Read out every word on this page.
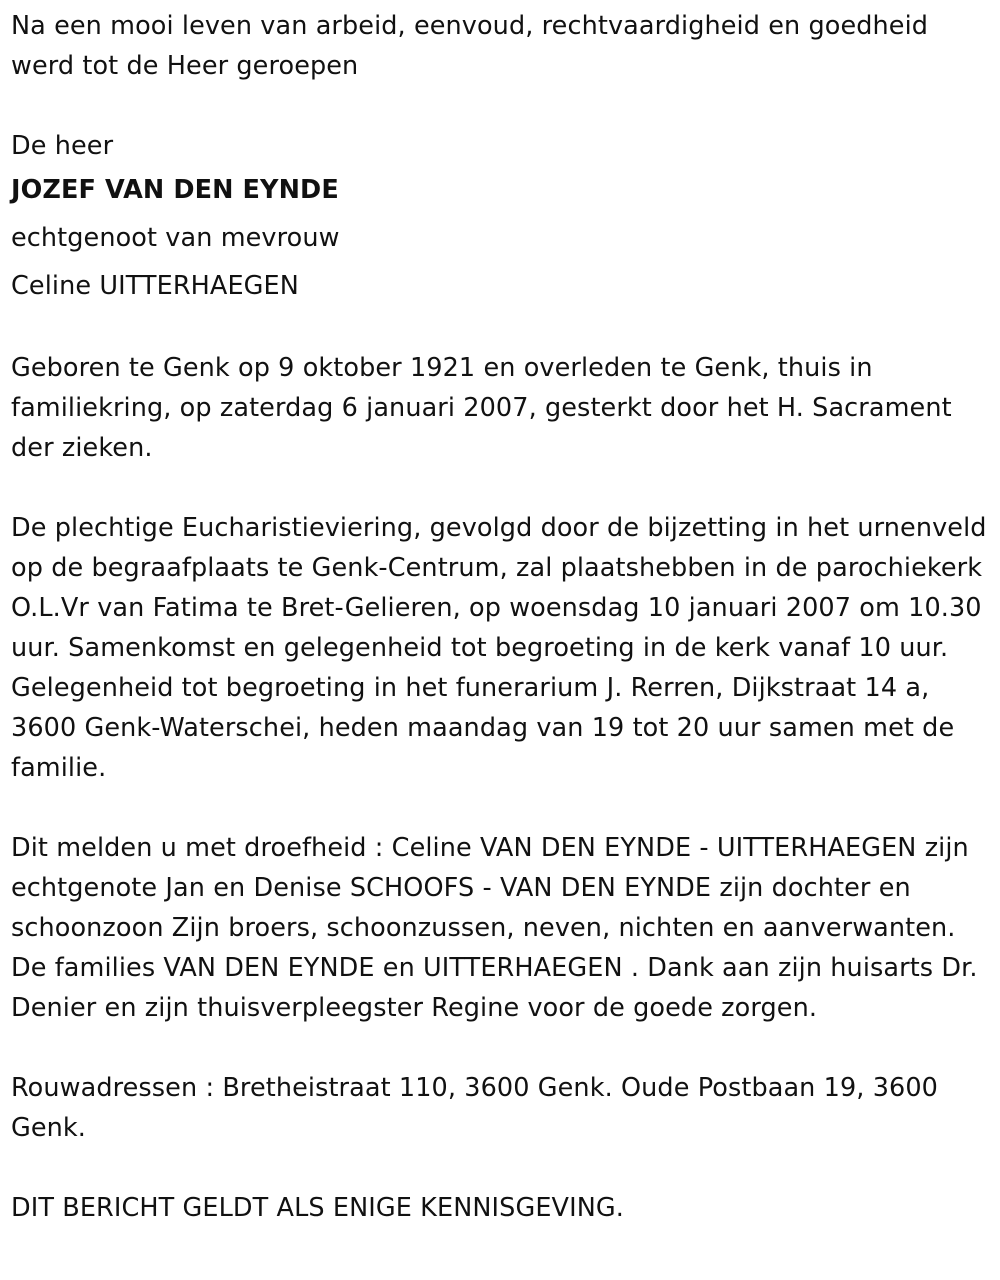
Na een mooi leven van arbeid, eenvoud, rechtvaardigheid en goedheid werd tot de Heer geroepen

De heer

JOZEF VAN DEN EYNDE

echtgenoot van mevrouw

Celine UITTERHAEGEN

Geboren te Genk op 9 oktober 1921 en overleden te Genk, thuis in familiekring, op zaterdag 6 januari 2007, gesterkt door het H. Sacrament der zieken.

De plechtige Eucharistieviering, gevolgd door de bijzetting in het urnenveld op de begraafplaats te Genk-Centrum, zal plaatshebben in de parochiekerk O.L.Vr van Fatima te Bret-Gelieren, op woensdag 10 januari 2007 om 10.30 uur. Samenkomst en gelegenheid tot begroeting in de kerk vanaf 10 uur. Gelegenheid tot begroeting in het funerarium J. Rerren, Dijkstraat 14 a, 3600 Genk-Waterschei, heden maandag van 19 tot 20 uur samen met de familie.

Dit melden u met droefheid : Celine VAN DEN EYNDE - UITTERHAEGEN zijn echtgenote Jan en Denise SCHOOFS - VAN DEN EYNDE zijn dochter en schoonzoon Zijn broers, schoonzussen, neven, nichten en aanverwanten. De families VAN DEN EYNDE en UITTERHAEGEN . Dank aan zijn huisarts Dr. Denier en zijn thuisverpleegster Regine voor de goede zorgen.

Rouwadressen : Bretheistraat 110, 3600 Genk. Oude Postbaan 19, 3600 Genk.

DIT BERICHT GELDT ALS ENIGE KENNISGEVING.
